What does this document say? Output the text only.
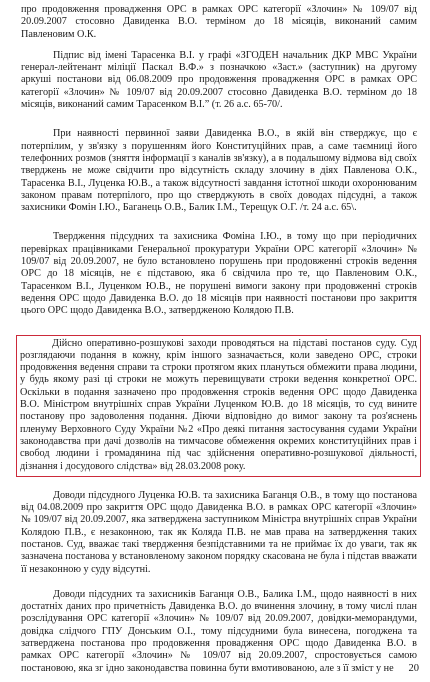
про продовження провадження ОРС в рамках ОРС категорії «Злочин» № 109/07 від 20.09.2007 стосовно Давиденка В.О. терміном до 18 місяців, виконаний самим Павленовим О.К.

Підпис від імені Тарасенка В.І. у графі «ЗГОДЕН начальник ДКР МВС України генерал-лейтенант міліції Паскал В.Ф.» з позначкою «Заст.» (заступник) на другому аркуші постанови від 06.08.2009 про продовження провадження ОРС в рамках ОРС категорії «Злочин» № 109/07 від 20.09.2007 стосовно Давиденка В.О. терміном до 18 місяців, виконаний самим Тарасенком В.І.” (т. 26 а.с. 65-70/.

При наявності первинної заяви Давиденка В.О., в якій він стверджує, що є потерпілим, у зв'язку з порушенням його Конституційних прав, а саме таємниці його телефонних розмов (зняття інформації з каналів зв'язку), а в подальшому відмова від своїх тверджень не може свідчити про відсутність складу злочину в діях Павленова О.К., Тарасенка В.І., Луценка Ю.В., а також відсутності завдання істотної шкоди охоронюваним законом правам потерпілого, про що стверджують в своїх доводах підсудні, а також захисники Фомін І.Ю., Баганець О.В., Балик І.М., Терещук О.Г. /т. 24 а.с. 65\.

Твердження підсудних та захисника Фоміна І.Ю., в тому що при періодичних перевірках працівниками Генеральної прокуратури України ОРС категорії «Злочин» № 109/07 від 20.09.2007, не було встановлено порушень при продовженні строків ведення ОРС до 18 місяців, не є підставою, яка б свідчила про те, що Павленовим О.К., Тарасенком В.І., Луценком Ю.В., не порушені вимоги закону при продовженні строків ведення ОРС щодо Давиденка В.О. до 18 місяців при наявності постанови про закриття цього ОРС щодо Давиденка В.О., затвердженою Колядою П.В.

Дійсно оперативно-розшукові заходи проводяться на підставі постанов суду. Суд розглядаючи подання в кожну, крім іншого зазначається, коли заведено ОРС, строки продовження ведення справи та строки протягом яких плануться обмежити права людини, у будь якому разі ці строки не можуть перевищувати строки ведення конкретної ОРС. Оскільки в подання зазначено про продовження строків ведення ОРС щодо Давиденка В.О. Міністром внутрішніх справ України Луценком Ю.В. до 18 місяців, то суд вините постанову про задоволення подання. Діючи відповідно до вимог закону та роз'яснень пленуму Верховного Суду України №2 «Про деякі питання застосування судами України законодавства при дачі дозволів на тимчасове обмеження окремих конституційних прав і свобод людини і громадянина під час здійснення оперативно-розшукової діяльності, дізнання і досудового слідства» від 28.03.2008 року.

Доводи підсудного Луценка Ю.В. та захисника Баганця О.В., в тому що постанова від 04.08.2009 про закриття ОРС щодо Давиденка В.О. в рамках ОРС категорії «Злочин» № 109/07 від 20.09.2007, яка затверджена заступником Міністра внутрішніх справ України Колядою П.В., є незаконною, так як Коляда П.В. не мав права на затвердження таких постанов. Суд, вважає такі твердження безпідставними та не приймає їх до уваги, так як зазначена постанова у встановленому законом порядку скасована не була і підстав вважати її незаконною у суду відсутні.

Доводи підсудних та захисників Баганця О.В., Балика І.М., щодо наявності в них достатніх даних про причетність Давиденка В.О. до вчинення злочину, в тому числі план розслідування ОРС категорії «Злочин» № 109/07 від 20.09.2007, довідки-меморандуми, довідка слідчого ГПУ Донським О.І., тому підсудними була винесена, погоджена та затверджена постанова про продовження провадження ОРС щодо Давиденка В.О. в рамках ОРС категорії «Злочин» № 109/07 від 20.09.2007, спростовується самою постановою, яка зг ідно законодавства повинна бути вмотивованою, але з її зміст у не	20
